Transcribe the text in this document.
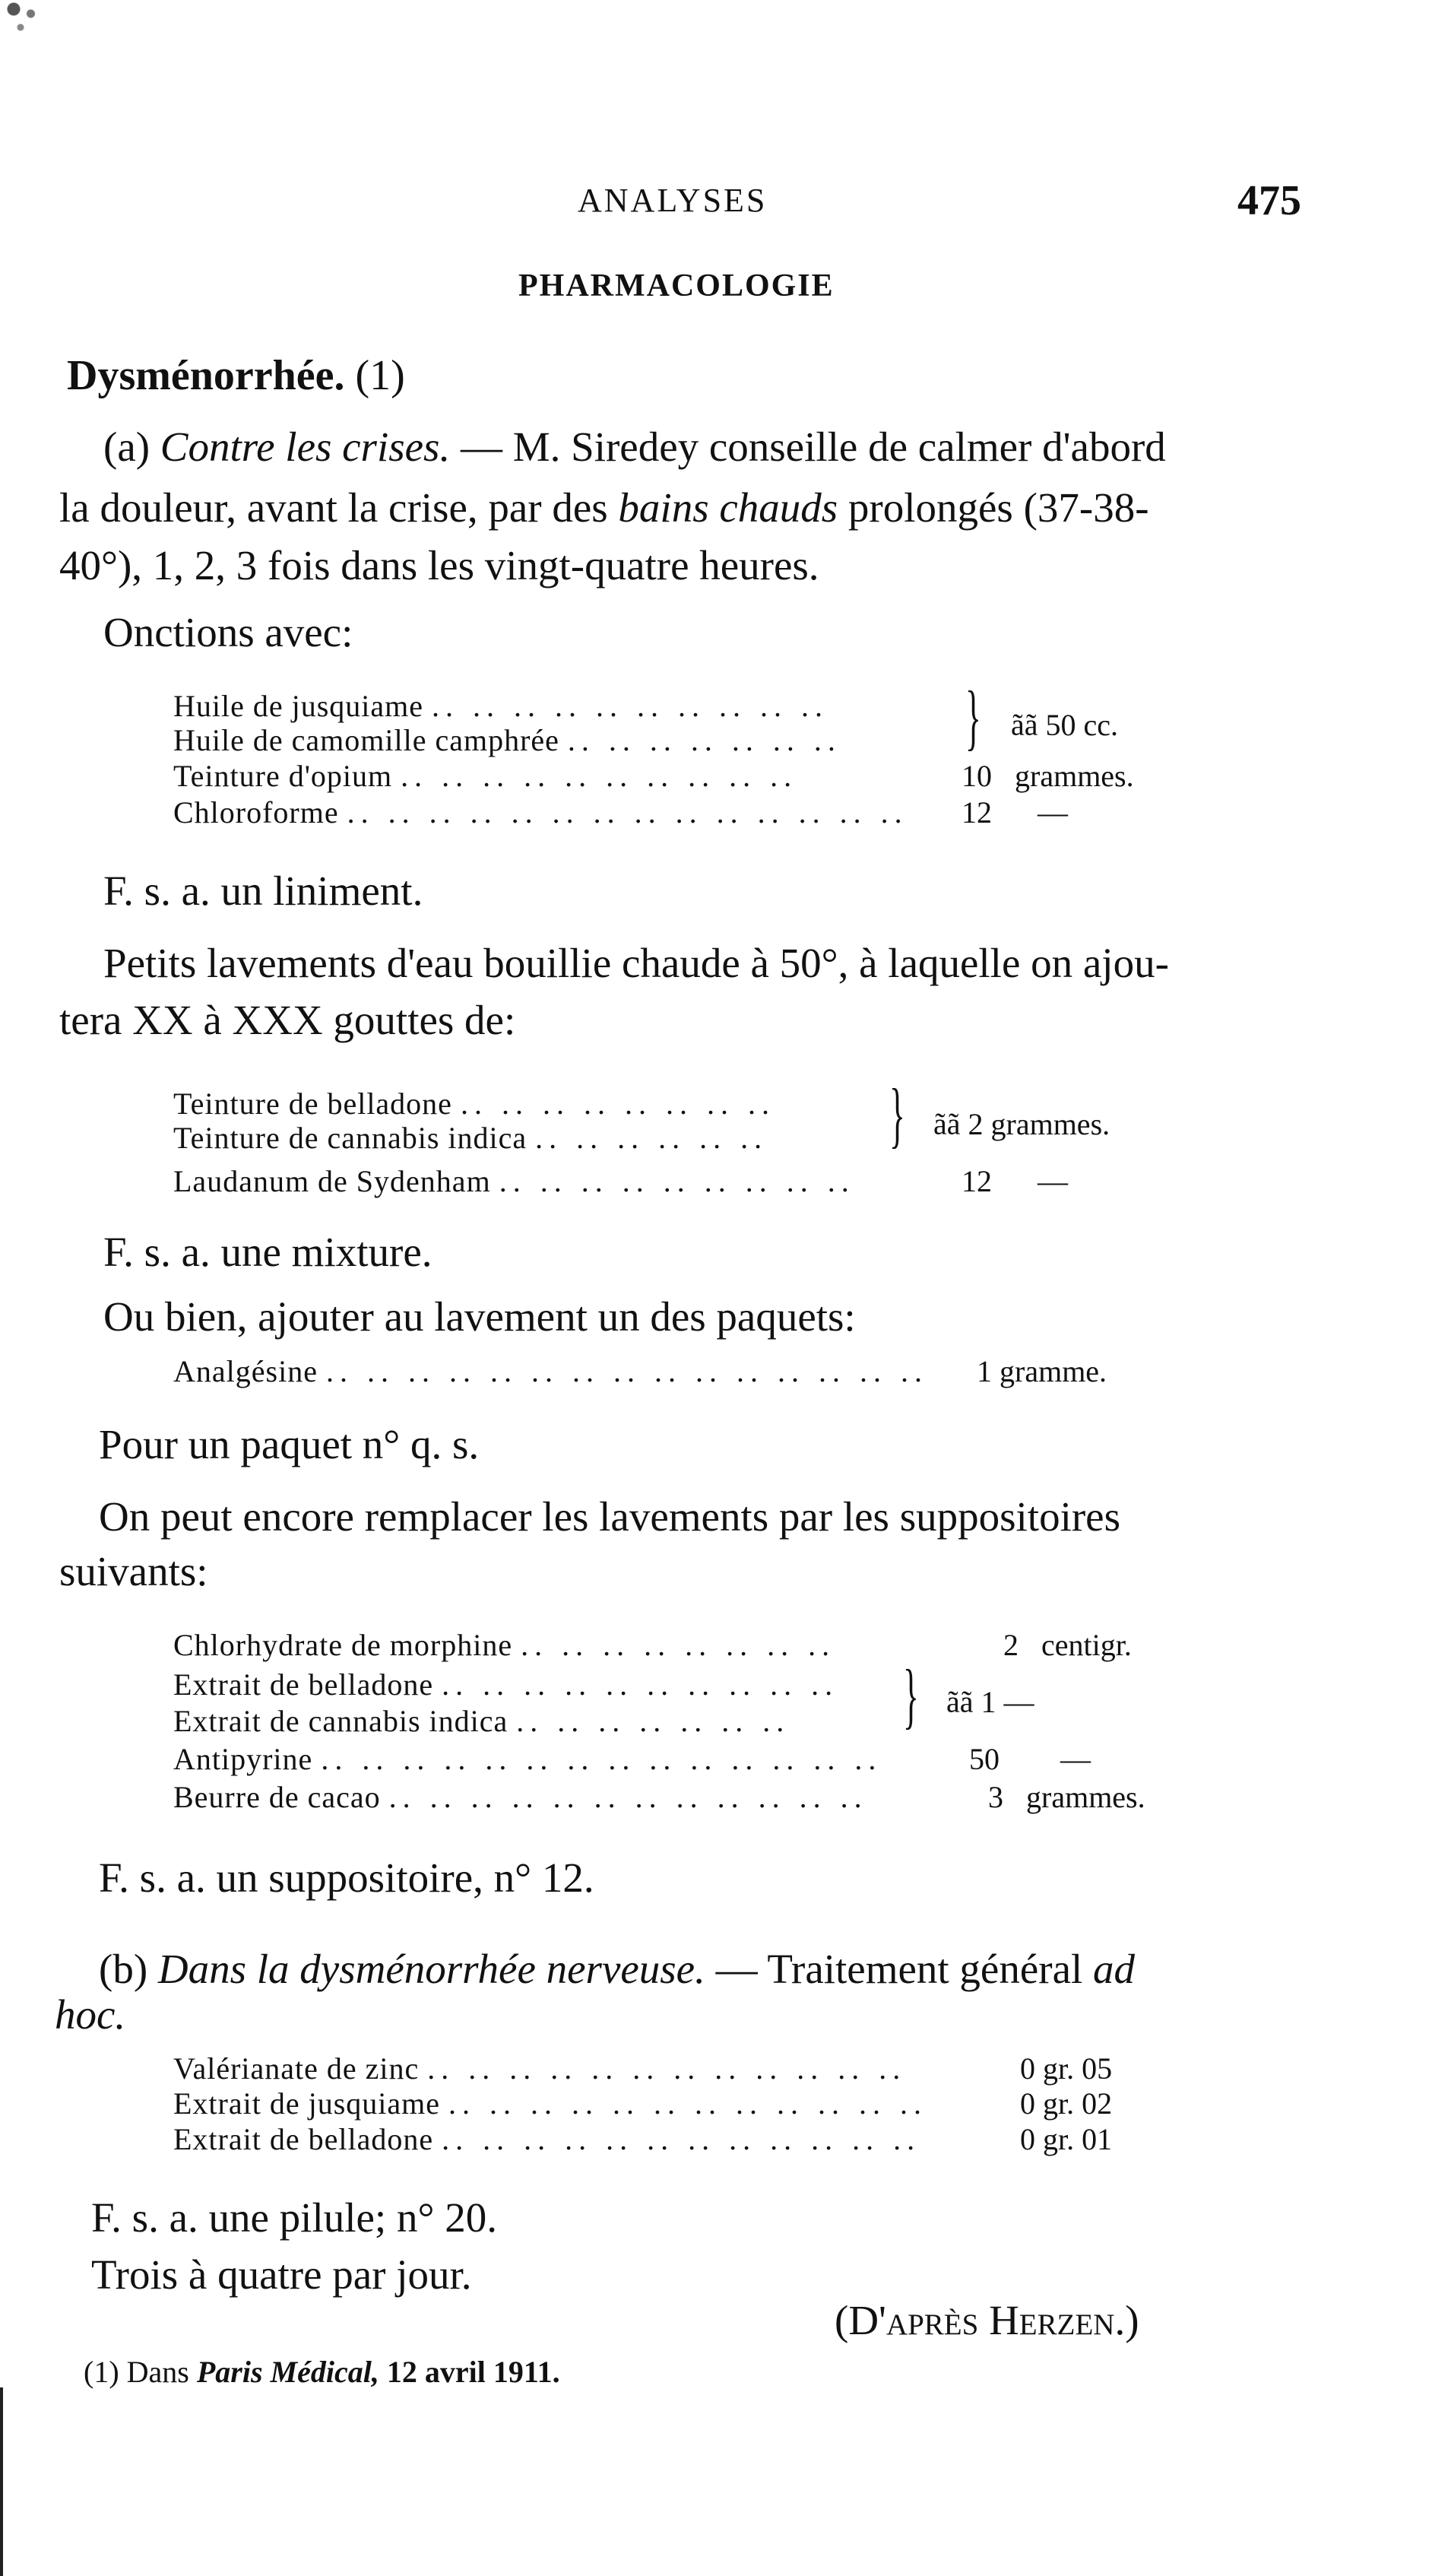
ANALYSES	475
PHARMACOLOGIE
Dysménorrhée. (1)
(a) Contre les crises. — M. Siredey conseille de calmer d'abord
la douleur, avant la crise, par des bains chauds prolongés (37-38-
40°), 1, 2, 3 fois dans les vingt-quatre heures.
Onctions avec:
Huile de jusquiame .. .. .. .. .. .. .. .. .. ..
Huile de camomille camphrée .. .. .. .. .. .. .. } ãã 50 cc.
Teinture d'opium .. .. .. .. .. .. .. .. .. ..	10 grammes.
Chloroforme .. .. .. .. .. .. .. .. .. .. .. .. .. .. 12 —
F. s. a. un liniment.
Petits lavements d'eau bouillie chaude à 50°, à laquelle on ajou-
tera XX à XXX gouttes de:
Teinture de belladone .. .. .. .. .. .. .. ..
Teinture de cannabis indica .. .. .. .. .. .. } ãã 2 grammes.
Laudanum de Sydenham .. .. .. .. .. .. .. .. ..	12 —
F. s. a. une mixture.
Ou bien, ajouter au lavement un des paquets:
Analgésine .. .. .. .. .. .. .. .. .. .. .. .. .. .. .. 1 gramme.
Pour un paquet n° q. s.
On peut encore remplacer les lavements par les suppositoires
suivants:
Chlorhydrate de morphine .. .. .. .. .. .. .. ..	2 centigr.
Extrait de belladone .. .. .. .. .. .. .. .. .. ..
Extrait de cannabis indica .. .. .. .. .. .. .. } ãã 1 —
Antipyrine .. .. .. .. .. .. .. .. .. .. .. .. .. ..	50 —
Beurre de cacao .. .. .. .. .. .. .. .. .. .. .. ..	3 grammes.
F. s. a. un suppositoire, n° 12.
(b) Dans la dysménorrhée nerveuse. — Traitement général ad
hoc.
Valérianate de zinc .. .. .. .. .. .. .. .. .. .. .. ..	0 gr. 05
Extrait de jusquiame .. .. .. .. .. .. .. .. .. .. .. ..	0 gr. 02
Extrait de belladone .. .. .. .. .. .. .. .. .. .. .. ..	0 gr. 01
F. s. a. une pilule; n° 20.
Trois à quatre par jour.
(D'après Herzen.)
(1) Dans Paris Médical, 12 avril 1911.
